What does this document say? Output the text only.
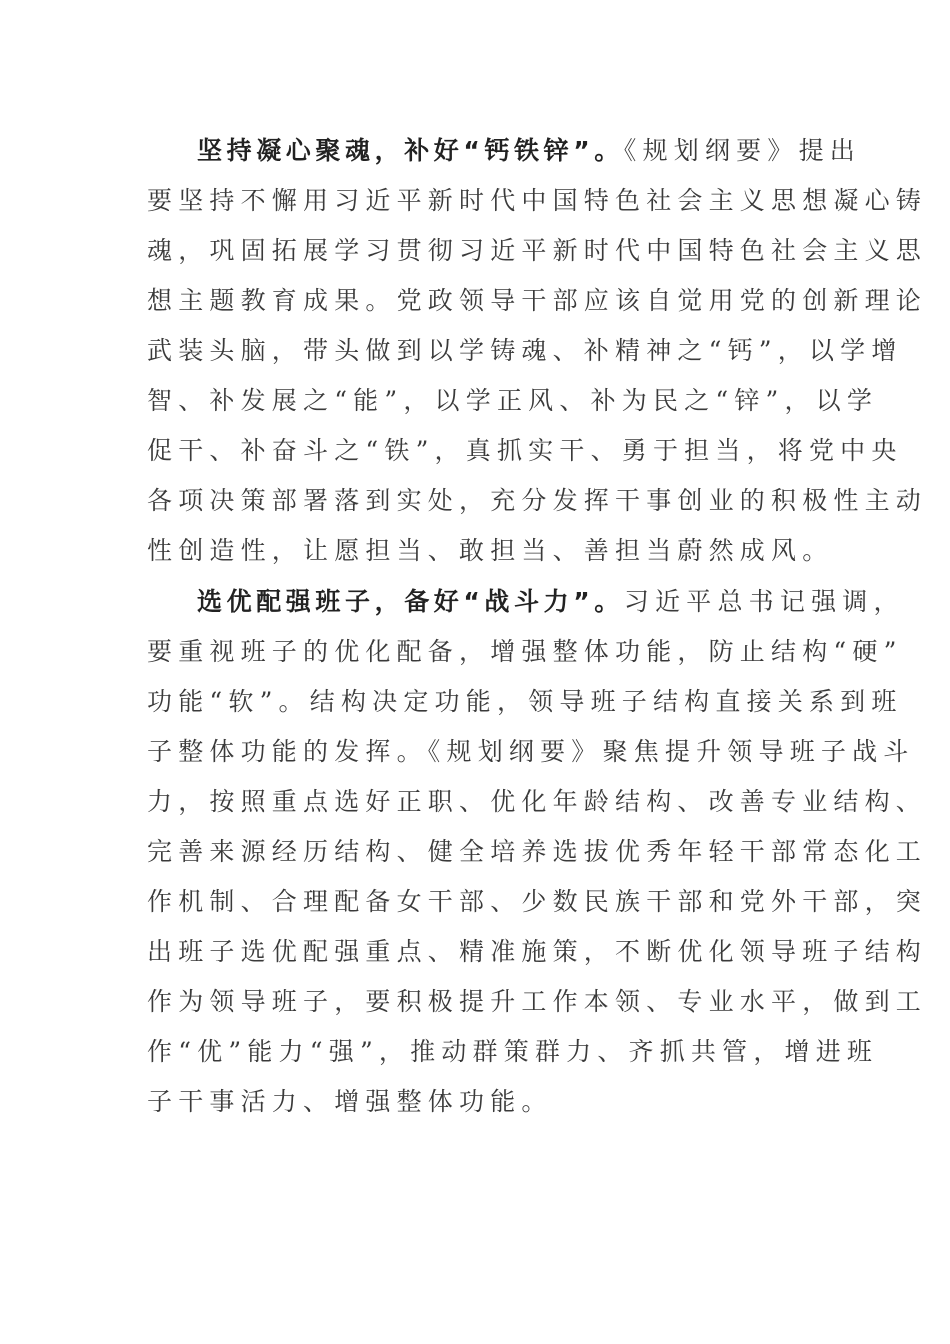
坚持凝心聚魂，补好“钙铁锌”。《规划纲要》提出

要坚持不懈用习近平新时代中国特色社会主义思想凝心铸

魂，巩固拓展学习贯彻习近平新时代中国特色社会主义思

想主题教育成果。党政领导干部应该自觉用党的创新理论

武装头脑，带头做到以学铸魂、补精神之“钙”，以学增

智、补发展之“能”，以学正风、补为民之“锌”，以学

促干、补奋斗之“铁”，真抓实干、勇于担当，将党中央

各项决策部署落到实处，充分发挥干事创业的积极性主动

性创造性，让愿担当、敢担当、善担当蔚然成风。

选优配强班子，备好“战斗力”。习近平总书记强调，

要重视班子的优化配备，增强整体功能，防止结构“硬”

功能“软”。结构决定功能，领导班子结构直接关系到班

子整体功能的发挥。《规划纲要》聚焦提升领导班子战斗

力，按照重点选好正职、优化年龄结构、改善专业结构、

完善来源经历结构、健全培养选拔优秀年轻干部常态化工

作机制、合理配备女干部、少数民族干部和党外干部，突

出班子选优配强重点、精准施策，不断优化领导班子结构

作为领导班子，要积极提升工作本领、专业水平，做到工

作“优”能力“强”，推动群策群力、齐抓共管，增进班

子干事活力、增强整体功能。
